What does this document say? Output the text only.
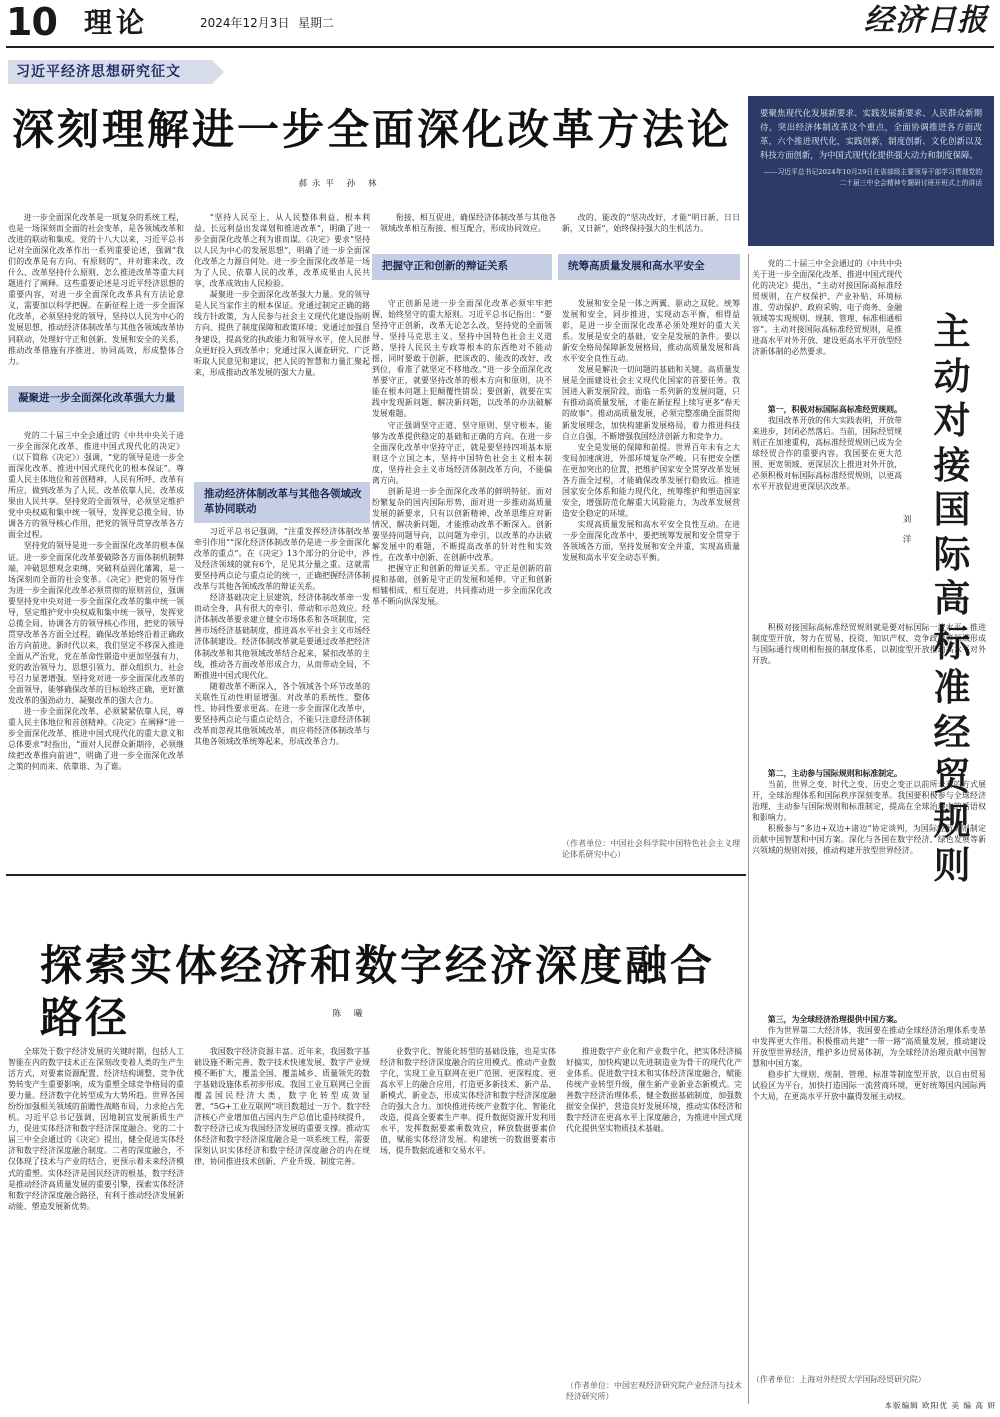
10 理论	2024年12月3日 星期二	经济日报
习近平经济思想研究征文
深刻理解进一步全面深化改革方法论
郝永平 孙 林
要聚焦现代化发展新要求、实践发展新要求、人民群众新期待，突出经济体制改革这个重点，全面协调推进各方面改革，六个推进现代化，实践创新，制度创新、文化创新以及科技方面创新，为中国式现代化提供强大动力和制度保障。
——习近平总书记2024年10月29日在省部级主要领导干部学习贯彻党的二十届三中全会精神专题研讨班开班式上的讲话

进一步全面深化改革是一项复杂的系统工程，也是一场深刻而全面的社会变革，是各领域改革和改进的联动和集成。党的十八大以来，习近平总书记对全面深化改革作出一系列重要论述，强调“我们的改革是有方向、有原则的”，并对谁来改、改什么、改革坚持什么原则、怎么推进改革等重大问题进行了阐释。这些重要论述是习近平经济思想的重要内容，对进一步全面深化改革具有方法论意义，需要加以科学把握。在新征程上进一步全面深化改革，必须坚持党的领导，坚持以人民为中心的发展思想，推动经济体制改革与其他各领域改革协同联动，处理好守正和创新、发展和安全的关系，推动改革措施有序推进、协同高效，形成整体合力。

凝聚进一步全面深化改革强大力量

党的二十届三中全会通过的《中共中央关于进一步全面深化改革、推进中国式现代化的决定》（以下简称《决定》）强调，“党的领导是进一步全面深化改革、推进中国式现代化的根本保证”。尊重人民主体地位和首创精神，人民有所呼、改革有所应，做到改革为了人民、改革依靠人民、改革成果由人民共享。坚持党的全面领导，必须坚定维护党中央权威和集中统一领导，发挥党总揽全局、协调各方的领导核心作用，把党的领导贯穿改革各方面全过程。

坚持党的领导是进一步全面深化改革的根本保证。进一步全面深化改革要破除各方面体制机制弊端，冲破思想观念束缚、突破利益固化藩篱，是一场深刻而全面的社会变革。《决定》把党的领导作为进一步全面深化改革必须贯彻的原则首位，强调要坚持党中央对进一步全面深化改革的集中统一领导，坚定维护党中央权威和集中统一领导，发挥党总揽全局、协调各方的领导核心作用，把党的领导贯穿改革各方面全过程，确保改革始终沿着正确政治方向前进。新时代以来，我们坚定不移深入推进全面从严治党，党在革命性锻造中更加坚强有力，党的政治领导力、思想引领力、群众组织力、社会号召力显著增强。坚持党对进一步全面深化改革的全面领导，能够确保改革的目标始终正确，更好激发改革的强劲动力、凝聚改革的强大合力。

进一步全面深化改革，必须紧紧依靠人民，尊重人民主体地位和首创精神。《决定》在阐释“进一步全面深化改革、推进中国式现代化的重大意义和总体要求”时指出，“面对人民群众新期待，必须继续把改革推向前进”，明确了进一步全面深化改革之策的何而来、依靠谁、为了谁。

“坚持人民至上，从人民整体利益、根本利益、长远利益出发谋划和推进改革”，明确了进一步全面深化改革之利为谁而谋。《决定》要求“坚持以人民为中心的发展思想”，明确了进一步全面深化改革之力源自何处。进一步全面深化改革是一场为了人民、依靠人民的改革，改革成果由人民共享，改革成效由人民检验。

凝聚进一步全面深化改革强大力量。党的领导是人民当家作主的根本保证。党通过制定正确的路线方针政策，为人民参与社会主义现代化建设指明方向、提供了制度保障和政策环境；党通过加强自身建设，提高党的执政能力和领导水平，使人民群众更好投入到改革中；党通过深入调查研究、广泛听取人民意见和建议，把人民的智慧和力量汇聚起来，形成推动改革发展的强大力量。

推动经济体制改革与其他各领域改革协同联动

习近平总书记强调，“注重发挥经济体制改革牵引作用”“深化经济体制改革仍是进一步全面深化改革的重点”。在《决定》13个部分的分论中，涉及经济领域的就有6个，足见其分量之重。这就需要坚持两点论与重点论的统一，正确把握经济体制改革与其他各领域改革的辩证关系。

经济基础决定上层建筑，经济体制改革牵一发而动全身，具有很大的牵引、带动和示范效应。经济体制改革要求建立健全市场体系和各项制度，完善市场经济基础制度，推进高水平社会主义市场经济体制建设。经济体制改革就是要通过改革把经济体制改革和其他领域改革结合起来，紧扣改革的主线，推动各方面改革形成合力，从而带动全局，不断推进中国式现代化。

随着改革不断深入，各个领域各个环节改革的关联性互动性明显增强。对改革的系统性、整体性、协同性要求更高。在进一步全面深化改革中，要坚持两点论与重点论结合，不能只注意经济体制改革而忽视其他领域改革，而应将经济体制改革与其他各领域改革统筹起来，形成改革合力。

衔接、相互促进，确保经济体制改革与其他各领域改革相互衔接、相互配合，形成协同效应。

把握守正和创新的辩证关系

守正创新是进一步全面深化改革必须牢牢把握，始终坚守的重大原则。习近平总书记指出：“要坚持守正创新，改革无论怎么改，坚持党的全面领导、坚持马克思主义、坚持中国特色社会主义道路、坚持人民民主专政等根本的东西绝对不能动摇，同时要敢于创新，把该改的、能改的改好、改到位，看准了就坚定不移地改。”进一步全面深化改革要守正，就要坚持改革的根本方向和原则，决不能在根本问题上犯颠覆性错误；要创新，就要在实践中发现新问题、解决新问题，以改革的办法破解发展难题。

守正强调坚守正道、坚守原则、坚守根本，能够为改革提供稳定的基础和正确的方向。在进一步全面深化改革中坚持守正，就是要坚持四项基本原则这个立国之本，坚持中国特色社会主义根本制度，坚持社会主义市场经济体制改革方向，不能偏离方向。

创新是进一步全面深化改革的鲜明特征。面对纷繁复杂的国内国际形势，面对进一步推动高质量发展的新要求，只有以创新精神、改革思维应对新情况、解决新问题，才能推动改革不断深入。创新要坚持问题导向，以问题为牵引，以改革的办法破解发展中的难题，不断提高改革的针对性和实效性，在改革中创新、在创新中改革。

把握守正和创新的辩证关系。守正是创新的前提和基础，创新是守正的发展和延伸。守正和创新相辅相成、相互促进，共同推动进一步全面深化改革不断向纵深发展。

改的、能改的“坚决改好，才能“明日新，日日新，又日新”，始终保持强大的生机活力。

统筹高质量发展和高水平安全

发展和安全是一体之两翼、驱动之双轮。统筹发展和安全，同步推进，实现动态平衡，相得益彰，是进一步全面深化改革必须处理好的重大关系。发展是安全的基础，安全是发展的条件。要以新安全格局保障新发展格局，推动高质量发展和高水平安全良性互动。

发展是解决一切问题的基础和关键。高质量发展是全面建设社会主义现代化国家的首要任务。我国进入新发展阶段，面临一系列新的发展问题，只有推动高质量发展，才能在新征程上续写更多“春天的故事”。推动高质量发展，必须完整准确全面贯彻新发展理念，加快构建新发展格局，着力推进科技自立自强，不断增强我国经济创新力和竞争力。

安全是发展的保障和前提。世界百年未有之大变局加速演进，外部环境复杂严峻。只有把安全摆在更加突出的位置，把维护国家安全贯穿改革发展各方面全过程，才能确保改革发展行稳致远。推进国家安全体系和能力现代化，统筹维护和塑造国家安全，增强防范化解重大风险能力，为改革发展营造安全稳定的环境。

实现高质量发展和高水平安全良性互动。在进一步全面深化改革中，要把统筹发展和安全贯穿于各领域各方面，坚持发展和安全并重，实现高质量发展和高水平安全动态平衡。

（作者单位：中国社会科学院中国特色社会主义理论体系研究中心）
主动对接国际高标准经贸规则
刘洋

党的二十届三中全会通过的《中共中央关于进一步全面深化改革、推进中国式现代化的决定》提出，“主动对接国际高标准经贸规则，在产权保护、产业补贴、环境标准、劳动保护、政府采购、电子商务、金融领域等实现规则、规制、管理、标准相通相容”。主动对接国际高标准经贸规则，是推进高水平对外开放、建设更高水平开放型经济新体制的必然要求。

第一，积极对标国际高标准经贸规则。

我国改革开放的伟大实践表明，开放带来进步，封闭必然落后。当前，国际经贸规则正在加速重构，高标准经贸规则已成为全球经贸合作的重要内容。我国要在更大范围、更宽领域、更深层次上推进对外开放，必须积极对标国际高标准经贸规则，以更高水平开放促进更深层次改革。

积极对接国际高标准经贸规则就是要对标国际一流水平，推进制度型开放，努力在贸易、投资、知识产权、竞争政策等领域形成与国际通行规则相衔接的制度体系，以制度型开放推动高水平对外开放。

第二，主动参与国际规则和标准制定。

当前，世界之变、时代之变、历史之变正以前所未有的方式展开，全球治理体系和国际秩序深刻变革。我国要积极参与全球经济治理，主动参与国际规则和标准制定，提高在全球治理中的话语权和影响力。

积极参与“多边+双边+诸边”协定谈判，为国际经贸规则制定贡献中国智慧和中国方案。深化与各国在数字经济、绿色发展等新兴领域的规则对接，推动构建开放型世界经济。

第三，为全球经济治理提供中国方案。

作为世界第二大经济体，我国要在推动全球经济治理体系变革中发挥更大作用。积极推动共建“一带一路”高质量发展，推动建设开放型世界经济，维护多边贸易体制，为全球经济治理贡献中国智慧和中国方案。

稳步扩大规则、规制、管理、标准等制度型开放，以自由贸易试验区为平台，加快打造国际一流营商环境，更好统筹国内国际两个大局，在更高水平开放中赢得发展主动权。

（作者单位：上海对外经贸大学国际经贸研究院）
探索实体经济和数字经济深度融合路径	陈 曦

全球处于数字经济发展的关键时期，包括人工智能在内的数字技术正在深刻改变着人类的生产生活方式，对要素资源配置、经济结构调整、竞争优势转变产生重要影响，成为重塑全球竞争格局的重要力量。经济数字化转型成为大势所趋。世界各国纷纷加强相关领域的前瞻性战略布局，力求抢占先机。习近平总书记强调，因地制宜发展新质生产力，促进实体经济和数字经济深度融合。党的二十届三中全会通过的《决定》提出，健全促进实体经济和数字经济深度融合制度。二者的深度融合，不仅体现了技术与产业的结合，更预示着未来经济模式的重塑。实体经济是国民经济的根基，数字经济是推动经济高质量发展的重要引擎，探索实体经济和数字经济深度融合路径，有利于推动经济发展新动能、塑造发展新优势。

我国数字经济资源丰富。近年来，我国数字基础设施不断完善、数字技术快速发展、数字产业规模不断扩大，覆盖全国、覆盖城乡、质量领先的数字基础设施体系初步形成。我国工业互联网已全面覆盖国民经济大类，数字化转型成效显著，“5G+工业互联网”项目数超过一万个。数字经济核心产业增加值占国内生产总值比重持续提升，数字经济已成为我国经济发展的重要支撑。推动实体经济和数字经济深度融合是一项系统工程，需要深刻认识实体经济和数字经济深度融合的内在规律，协同推进技术创新、产业升级、制度完善。

业数字化、智能化转型的基础设施，也是实体经济和数字经济深度融合的应用模式。推动产业数字化，实现工业互联网在更广范围、更深程度、更高水平上的融合应用，打造更多新技术、新产品、新模式、新业态，形成实体经济和数字经济深度融合的强大合力。加快推进传统产业数字化、智能化改造，提高全要素生产率。提升数据资源开发利用水平，发挥数据要素乘数效应，释放数据要素价值，赋能实体经济发展。构建统一的数据要素市场，提升数据流通和交易水平。

推进数字产业化和产业数字化，把实体经济搞好搞实，加快构建以先进制造业为骨干的现代化产业体系。促进数字技术和实体经济深度融合，赋能传统产业转型升级，催生新产业新业态新模式。完善数字经济治理体系，健全数据基础制度，加强数据安全保护，营造良好发展环境，推动实体经济和数字经济在更高水平上深度融合，为推进中国式现代化提供坚实物质技术基础。

（作者单位：中国宏观经济研究院产业经济与技术经济研究所）
本版编辑 欧阳优 美 编 高 妍
